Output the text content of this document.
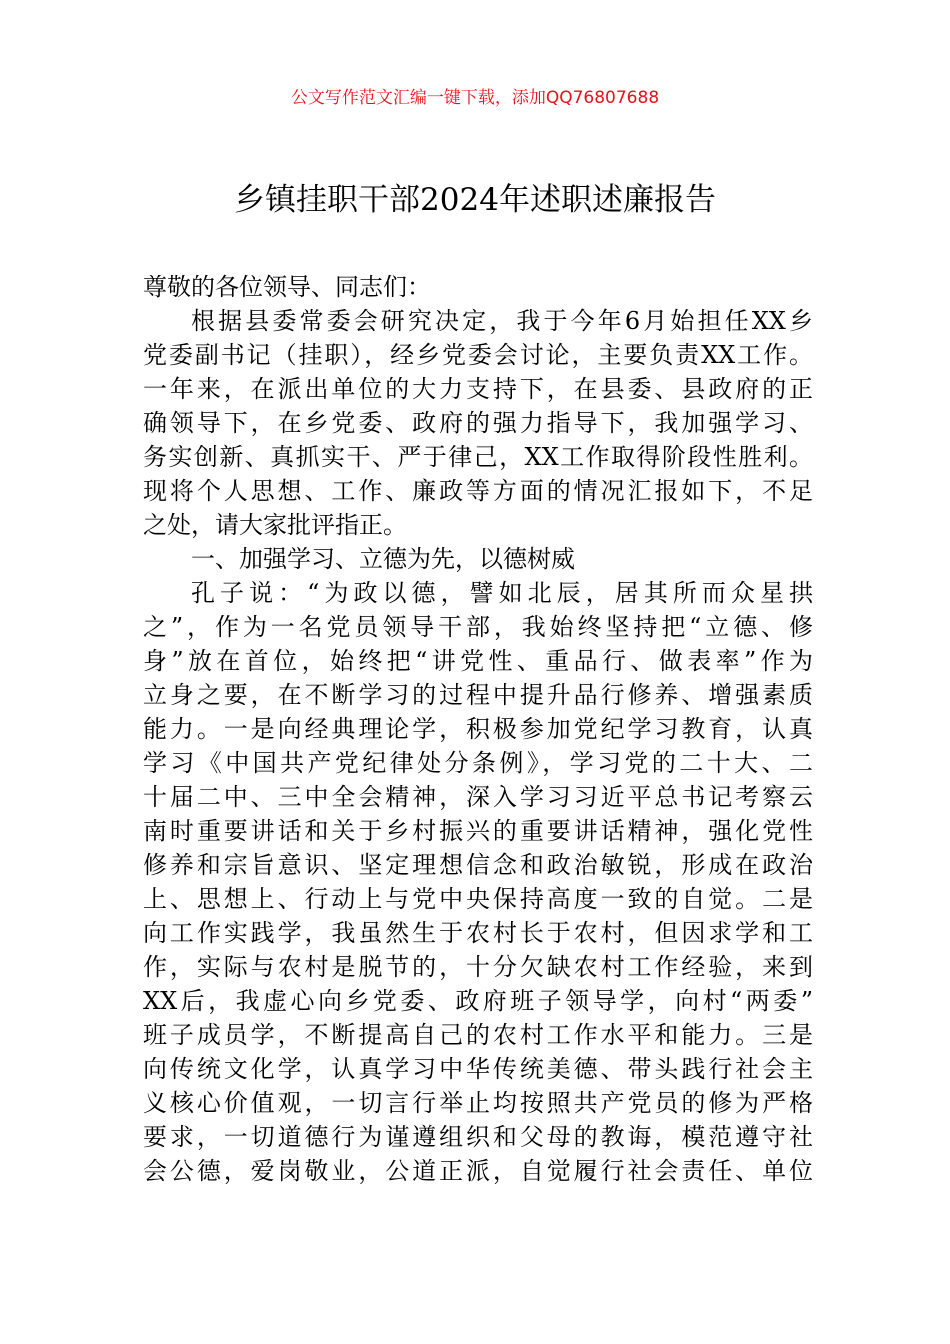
公文写作范文汇编一键下载，添加QQ76807688
乡镇挂职干部2024年述职述廉报告
尊敬的各位领导、同志们：
根据县委常委会研究决定，我于今年6月始担任XX乡
党委副书记（挂职），经乡党委会讨论，主要负责XX工作。
一年来，在派出单位的大力支持下，在县委、县政府的正
确领导下，在乡党委、政府的强力指导下，我加强学习、
务实创新、真抓实干、严于律己，XX工作取得阶段性胜利。
现将个人思想、工作、廉政等方面的情况汇报如下，不足
之处，请大家批评指正。
一、加强学习、立德为先，以德树威
孔子说：“为政以德，譬如北辰，居其所而众星拱
之”，作为一名党员领导干部，我始终坚持把“立德、修
身”放在首位，始终把“讲党性、重品行、做表率”作为
立身之要，在不断学习的过程中提升品行修养、增强素质
能力。一是向经典理论学，积极参加党纪学习教育，认真
学习《中国共产党纪律处分条例》，学习党的二十大、二
十届二中、三中全会精神，深入学习习近平总书记考察云
南时重要讲话和关于乡村振兴的重要讲话精神，强化党性
修养和宗旨意识、坚定理想信念和政治敏锐，形成在政治
上、思想上、行动上与党中央保持高度一致的自觉。二是
向工作实践学，我虽然生于农村长于农村，但因求学和工
作，实际与农村是脱节的，十分欠缺农村工作经验，来到
XX后，我虚心向乡党委、政府班子领导学，向村“两委”
班子成员学，不断提高自己的农村工作水平和能力。三是
向传统文化学，认真学习中华传统美德、带头践行社会主
义核心价值观，一切言行举止均按照共产党员的修为严格
要求，一切道德行为谨遵组织和父母的教诲，模范遵守社
会公德，爱岗敬业，公道正派，自觉履行社会责任、单位
